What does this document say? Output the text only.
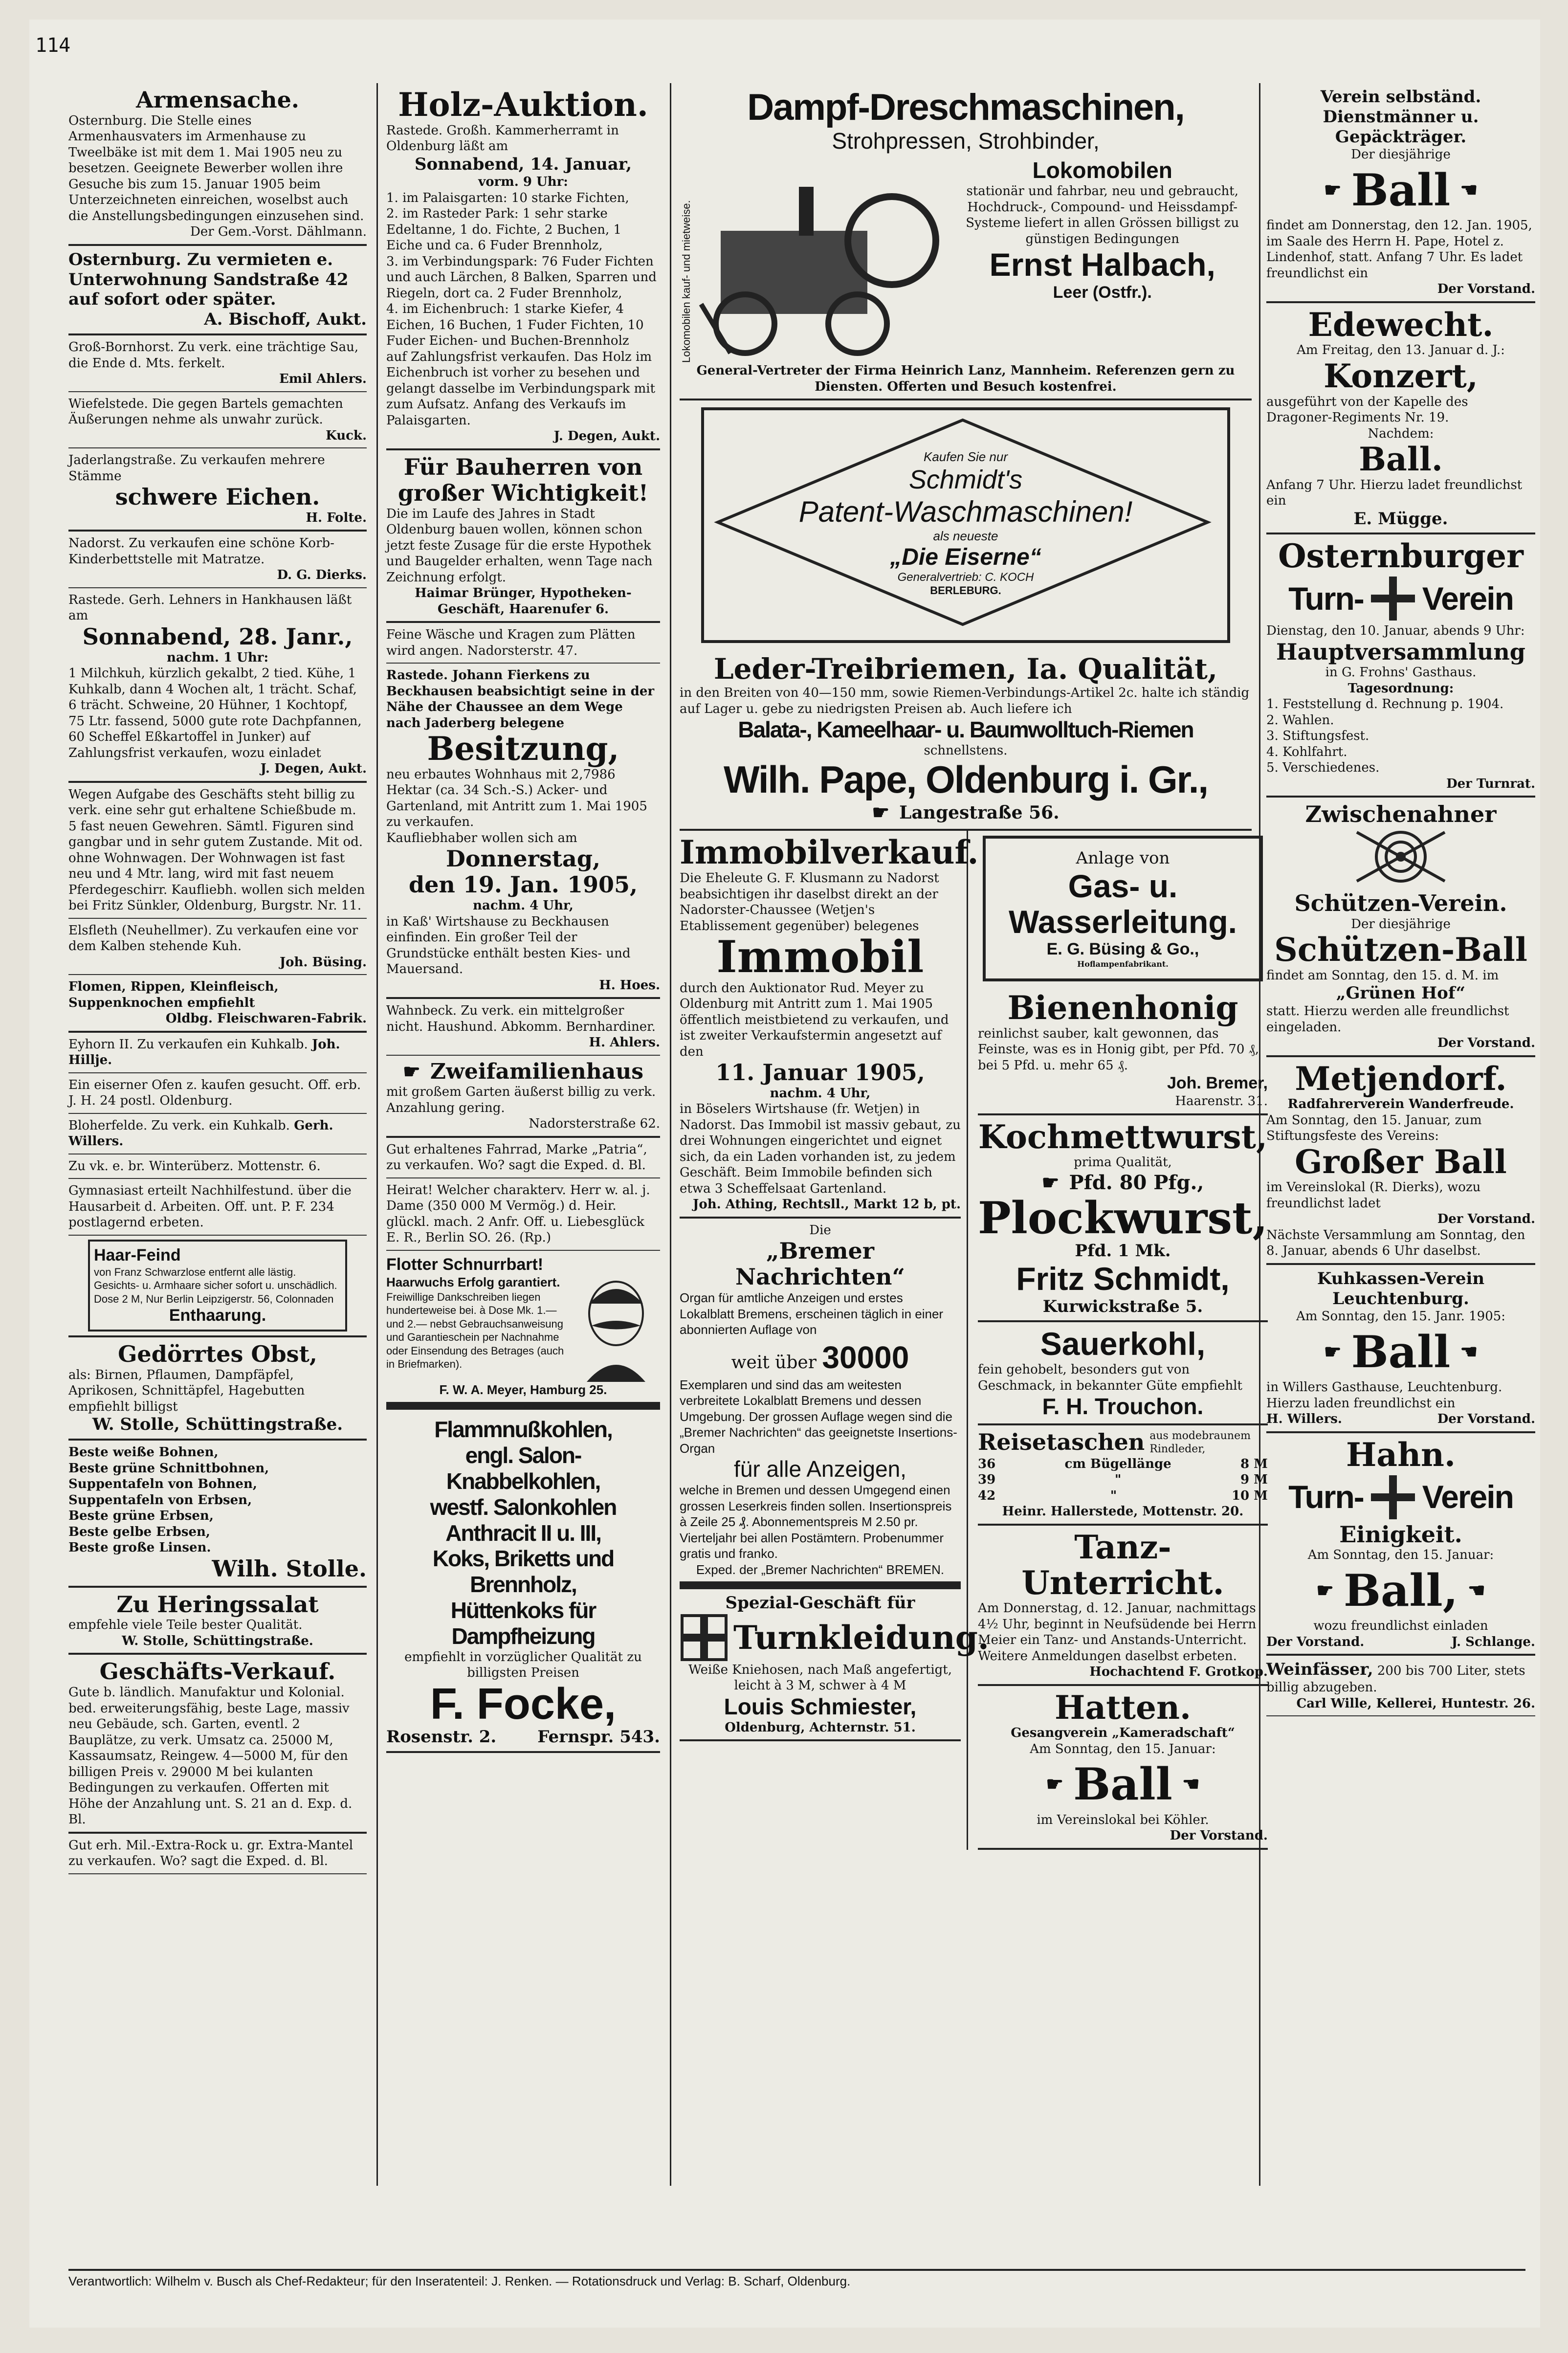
114
Armensache.
Osternburg. Die Stelle eines Armenhausvaters im Armenhause zu Tweelbäke ist mit dem 1. Mai 1905 neu zu besetzen. Geeignete Bewerber wollen ihre Gesuche bis zum 15. Januar 1905 beim Unterzeichneten einreichen, woselbst auch die Anstellungsbedingungen einzusehen sind.
Der Gem.-Vorst. Dählmann.
Osternburg. Zu vermieten e. Unterwohnung Sandstraße 42 auf sofort oder später.
A. Bischoff, Aukt.
Groß-Bornhorst. Zu verk. eine trächtige Sau, die Ende d. Mts. ferkelt.
Emil Ahlers.
Wiefelstede. Die gegen Bartels gemachten Äußerungen nehme als unwahr zurück.
Kuck.
Jaderlangstraße. Zu verkaufen mehrere Stämme
schwere Eichen.
H. Folte.
Nadorst. Zu verkaufen eine schöne Korb-Kinderbettstelle mit Matratze.
D. G. Dierks.
Rastede. Gerh. Lehners in Hankhausen läßt am
Sonnabend, 28. Janr.,
nachm. 1 Uhr:
1 Milchkuh, kürzlich gekalbt, 2 tied. Kühe, 1 Kuhkalb, dann 4 Wochen alt, 1 trächt. Schaf, 6 trächt. Schweine, 20 Hühner, 1 Kochtopf, 75 Ltr. fassend, 5000 gute rote Dachpfannen, 60 Scheffel Eßkartoffel in Junker) auf Zahlungsfrist verkaufen, wozu einladet
J. Degen, Aukt.
Wegen Aufgabe des Geschäfts steht billig zu verk. eine sehr gut erhaltene Schießbude m. 5 fast neuen Gewehren. Sämtl. Figuren sind gangbar und in sehr gutem Zustande. Mit od. ohne Wohnwagen. Der Wohnwagen ist fast neu und 4 Mtr. lang, wird mit fast neuem Pferdegeschirr. Kaufliebh. wollen sich melden bei Fritz Sünkler, Oldenburg, Burgstr. Nr. 11.
Elsfleth (Neuhellmer). Zu verkaufen eine vor dem Kalben stehende Kuh.
Joh. Büsing.
Flomen, Rippen, Kleinfleisch, Suppenknochen empfiehlt
Oldbg. Fleischwaren-Fabrik.
Eyhorn II. Zu verkaufen ein Kuhkalb. Joh. Hillje.
Ein eiserner Ofen z. kaufen gesucht. Off. erb. J. H. 24 postl. Oldenburg.
Bloherfelde. Zu verk. ein Kuhkalb. Gerh. Willers.
Zu vk. e. br. Winterüberz. Mottenstr. 6.
Gymnasiast erteilt Nachhilfestund. über die Hausarbeit d. Arbeiten. Off. unt. P. F. 234 postlagernd erbeten.
Haar-Feind
von Franz Schwarzlose entfernt alle lästig. Gesichts- u. Armhaare sicher sofort u. unschädlich. Dose 2 M, Nur Berlin Leipzigerstr. 56, Colonnaden
Enthaarung.
Gedörrtes Obst,
als: Birnen, Pflaumen, Dampfäpfel, Aprikosen, Schnittäpfel, Hagebutten empfiehlt billigst
W. Stolle, Schüttingstraße.
Beste weiße Bohnen,
Beste grüne Schnittbohnen,
Suppentafeln von Bohnen,
Suppentafeln von Erbsen,
Beste grüne Erbsen,
Beste gelbe Erbsen,
Beste große Linsen.
Wilh. Stolle.
Zu Heringssalat
empfehle viele Teile bester Qualität.
W. Stolle, Schüttingstraße.
Geschäfts-Verkauf.
Gute b. ländlich. Manufaktur und Kolonial. bed. erweiterungsfähig, beste Lage, massiv neu Gebäude, sch. Garten, eventl. 2 Bauplätze, zu verk. Umsatz ca. 25000 M, Kassaumsatz, Reingew. 4—5000 M, für den billigen Preis v. 29000 M bei kulanten Bedingungen zu verkaufen. Offerten mit Höhe der Anzahlung unt. S. 21 an d. Exp. d. Bl.
Gut erh. Mil.-Extra-Rock u. gr. Extra-Mantel zu verkaufen. Wo? sagt die Exped. d. Bl.
Holz-Auktion.
Rastede. Großh. Kammerherramt in Oldenburg läßt am
Sonnabend, 14. Januar,
vorm. 9 Uhr:
1. im Palaisgarten: 10 starke Fichten,
2. im Rasteder Park: 1 sehr starke Edeltanne, 1 do. Fichte, 2 Buchen, 1 Eiche und ca. 6 Fuder Brennholz,
3. im Verbindungspark: 76 Fuder Fichten und auch Lärchen, 8 Balken, Sparren und Riegeln, dort ca. 2 Fuder Brennholz,
4. im Eichenbruch: 1 starke Kiefer, 4 Eichen, 16 Buchen, 1 Fuder Fichten, 10 Fuder Eichen- und Buchen-Brennholz
auf Zahlungsfrist verkaufen. Das Holz im Eichenbruch ist vorher zu besehen und gelangt dasselbe im Verbindungspark mit zum Aufsatz. Anfang des Verkaufs im Palaisgarten.
J. Degen, Aukt.
Für Bauherren von großer Wichtigkeit!
Die im Laufe des Jahres in Stadt Oldenburg bauen wollen, können schon jetzt feste Zusage für die erste Hypothek und Baugelder erhalten, wenn Tage nach Zeichnung erfolgt.
Haimar Brünger, Hypotheken-Geschäft, Haarenufer 6.
Feine Wäsche und Kragen zum Plätten wird angen. Nadorsterstr. 47.
Rastede. Johann Fierkens zu Beckhausen beabsichtigt seine in der Nähe der Chaussee an dem Wege nach Jaderberg belegene
Besitzung,
neu erbautes Wohnhaus mit 2,7986 Hektar (ca. 34 Sch.-S.) Acker- und Gartenland, mit Antritt zum 1. Mai 1905 zu verkaufen.
Kaufliebhaber wollen sich am
Donnerstag,
den 19. Jan. 1905,
nachm. 4 Uhr,
in Kaß' Wirtshause zu Beckhausen einfinden. Ein großer Teil der Grundstücke enthält besten Kies- und Mauersand.
H. Hoes.
Wahnbeck. Zu verk. ein mittelgroßer nicht. Haushund. Abkomm. Bernhardiner.
H. Ahlers.
☛ Zweifamilienhaus
mit großem Garten äußerst billig zu verk. Anzahlung gering.
Nadorsterstraße 62.
Gut erhaltenes Fahrrad, Marke „Patria“, zu verkaufen. Wo? sagt die Exped. d. Bl.
Heirat! Welcher charakterv. Herr w. al. j. Dame (350 000 M Vermög.) d. Heir. glückl. mach. 2 Anfr. Off. u. Liebesglück E. R., Berlin SO. 26. (Rp.)
Flotter Schnurrbart!
Haarwuchs Erfolg garantiert.
Freiwillige Dankschreiben liegen hunderteweise bei. à Dose Mk. 1.— und 2.— nebst Gebrauchsanweisung und Garantieschein per Nachnahme oder Einsendung des Betrages (auch in Briefmarken).
F. W. A. Meyer, Hamburg 25.
Flammnußkohlen,
engl. Salon-
Knabbelkohlen,
westf. Salonkohlen
Anthracit II u. III,
Koks, Briketts und
Brennholz,
Hüttenkoks für
Dampfheizung
empfiehlt in vorzüglicher Qualität zu billigsten Preisen
F. Focke,
Rosenstr. 2. Fernspr. 543.
Dampf-Dreschmaschinen,
Strohpressen, Strohbinder,
Lokomobilen kauf- und mietweise.
Lokomobilen
stationär und fahrbar, neu und gebraucht, Hochdruck-, Compound- und Heissdampf-Systeme liefert in allen Grössen billigst zu günstigen Bedingungen
Ernst Halbach,
Leer (Ostfr.).
General-Vertreter der Firma Heinrich Lanz, Mannheim. Referenzen gern zu Diensten. Offerten und Besuch kostenfrei.
Kaufen Sie nur
Schmidt's
Patent-Waschmaschinen!
als neueste
„Die Eiserne“
Generalvertrieb: C. KOCH
BERLEBURG.
Leder-Treibriemen, Ia. Qualität,
in den Breiten von 40—150 mm, sowie Riemen-Verbindungs-Artikel 2c. halte ich ständig auf Lager u. gebe zu niedrigsten Preisen ab. Auch liefere ich
Balata-, Kameelhaar- u. Baumwolltuch-Riemen
schnellstens.
Wilh. Pape, Oldenburg i. Gr.,
☛ Langestraße 56.
Immobilverkauf.
Die Eheleute G. F. Klusmann zu Nadorst beabsichtigen ihr daselbst direkt an der Nadorster-Chaussee (Wetjen's Etablissement gegenüber) belegenes
Immobil
durch den Auktionator Rud. Meyer zu Oldenburg mit Antritt zum 1. Mai 1905 öffentlich meistbietend zu verkaufen, und ist zweiter Verkaufstermin angesetzt auf den
11. Januar 1905,
nachm. 4 Uhr,
in Böselers Wirtshause (fr. Wetjen) in Nadorst. Das Immobil ist massiv gebaut, zu drei Wohnungen eingerichtet und eignet sich, da ein Laden vorhanden ist, zu jedem Geschäft. Beim Immobile befinden sich etwa 3 Scheffelsaat Gartenland.
Joh. Athing, Rechtsll., Markt 12 b, pt.
Die
„Bremer Nachrichten“
Organ für amtliche Anzeigen und erstes Lokalblatt Bremens, erscheinen täglich in einer abonnierten Auflage von
weit über 30000
Exemplaren und sind das am weitesten verbreitete Lokalblatt Bremens und dessen Umgebung. Der grossen Auflage wegen sind die „Bremer Nachrichten“ das geeignetste Insertions-Organ
für alle Anzeigen,
welche in Bremen und dessen Umgegend einen grossen Leserkreis finden sollen. Insertionspreis à Zeile 25 ₰. Abonnementspreis M 2.50 pr. Vierteljahr bei allen Postämtern. Probenummer gratis und franko.
Exped. der „Bremer Nachrichten“ BREMEN.
Spezial-Geschäft für
Turnkleidung.
Weiße Kniehosen, nach Maß angefertigt, leicht à 3 M, schwer à 4 M
Louis Schmiester,
Oldenburg, Achternstr. 51.
Anlage von
Gas- u. Wasserleitung.
E. G. Büsing & Go.,
Hoflampenfabrikant.
Bienenhonig
reinlichst sauber, kalt gewonnen, das Feinste, was es in Honig gibt, per Pfd. 70 ₰, bei 5 Pfd. u. mehr 65 ₰.
Joh. Bremer,
Haarenstr. 31.
Kochmettwurst,
prima Qualität,
☛ Pfd. 80 Pfg.,
Plockwurst,
Pfd. 1 Mk.
Fritz Schmidt,
Kurwickstraße 5.
Sauerkohl,
fein gehobelt, besonders gut von Geschmack, in bekannter Güte empfiehlt
F. H. Trouchon.
Reisetaschen aus modebraunem Rindleder,
36	cm Bügellänge	8 M
39	"	9 M
42	"	10 M
Heinr. Hallerstede, Mottenstr. 20.
Tanz-Unterricht.
Am Donnerstag, d. 12. Januar, nachmittags 4½ Uhr, beginnt in Neufsüdende bei Herrn Meier ein Tanz- und Anstands-Unterricht. Weitere Anmeldungen daselbst erbeten.
Hochachtend F. Grotkop.
Hatten.
Gesangverein „Kameradschaft“
Am Sonntag, den 15. Januar:
☛ Ball ☚
im Vereinslokal bei Köhler.
Der Vorstand.
Verein selbständ. Dienstmänner u. Gepäckträger.
Der diesjährige
☛ Ball ☚
findet am Donnerstag, den 12. Jan. 1905, im Saale des Herrn H. Pape, Hotel z. Lindenhof, statt. Anfang 7 Uhr. Es ladet freundlichst ein
Der Vorstand.
Edewecht.
Am Freitag, den 13. Januar d. J.:
Konzert,
ausgeführt von der Kapelle des Dragoner-Regiments Nr. 19.
Nachdem:
Ball.
Anfang 7 Uhr. Hierzu ladet freundlichst ein
E. Mügge.
Osternburger
Turn- Verein
Dienstag, den 10. Januar, abends 9 Uhr:
Hauptversammlung
in G. Frohns' Gasthaus.
Tagesordnung:
1. Feststellung d. Rechnung p. 1904.
2. Wahlen.
3. Stiftungsfest.
4. Kohlfahrt.
5. Verschiedenes.
Der Turnrat.
Zwischenahner
Schützen-Verein.
Der diesjährige
Schützen-Ball
findet am Sonntag, den 15. d. M. im
„Grünen Hof“
statt. Hierzu werden alle freundlichst eingeladen.
Der Vorstand.
Metjendorf.
Radfahrerverein Wanderfreude.
Am Sonntag, den 15. Januar, zum Stiftungsfeste des Vereins:
Großer Ball
im Vereinslokal (R. Dierks), wozu freundlichst ladet
Der Vorstand.
Nächste Versammlung am Sonntag, den 8. Januar, abends 6 Uhr daselbst.
Kuhkassen-Verein Leuchtenburg.
Am Sonntag, den 15. Janr. 1905:
☛ Ball ☚
in Willers Gasthause, Leuchtenburg. Hierzu laden freundlichst ein
H. Willers.	Der Vorstand.
Hahn.
Turn- Verein
Einigkeit.
Am Sonntag, den 15. Januar:
☛ Ball, ☚
wozu freundlichst einladen
Der Vorstand.	J. Schlange.
Weinfässer, 200 bis 700 Liter, stets billig abzugeben.
Carl Wille, Kellerei, Huntestr. 26.
Verantwortlich: Wilhelm v. Busch als Chef-Redakteur; für den Inseratenteil: J. Renken. — Rotationsdruck und Verlag: B. Scharf, Oldenburg.
